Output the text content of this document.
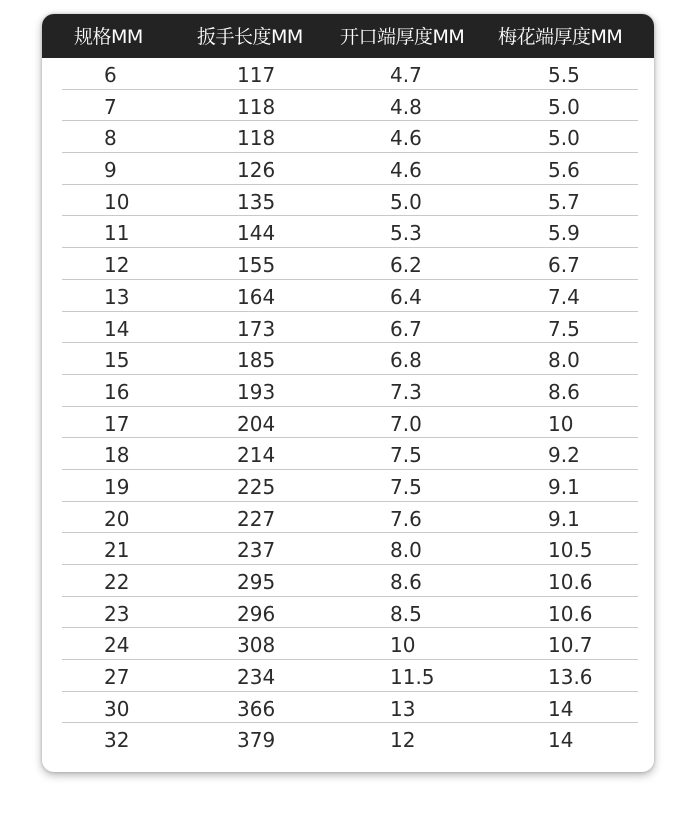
规格MM	扳手长度MM 开口端厚度MM 梅花端厚度MM
6	117	4.7	5.5
7	118	4.8	5.0
8	118	4.6	5.0
9	126	4.6	5.6
10	135	5.0	5.7
11	144	5.3	5.9
12	155	6.2	6.7
13	164	6.4	7.4
14	173	6.7	7.5
15	185	6.8	8.0
16	193	7.3	8.6
17	204	7.0	10
18	214	7.5	9.2
19	225	7.5	9.1
20	227	7.6	9.1
21	237	8.0	10.5
22	295	8.6	10.6
23	296	8.5	10.6
24	308	10	10.7
27	234	11.5	13.6
30	366	13	14
32	379	12	14
